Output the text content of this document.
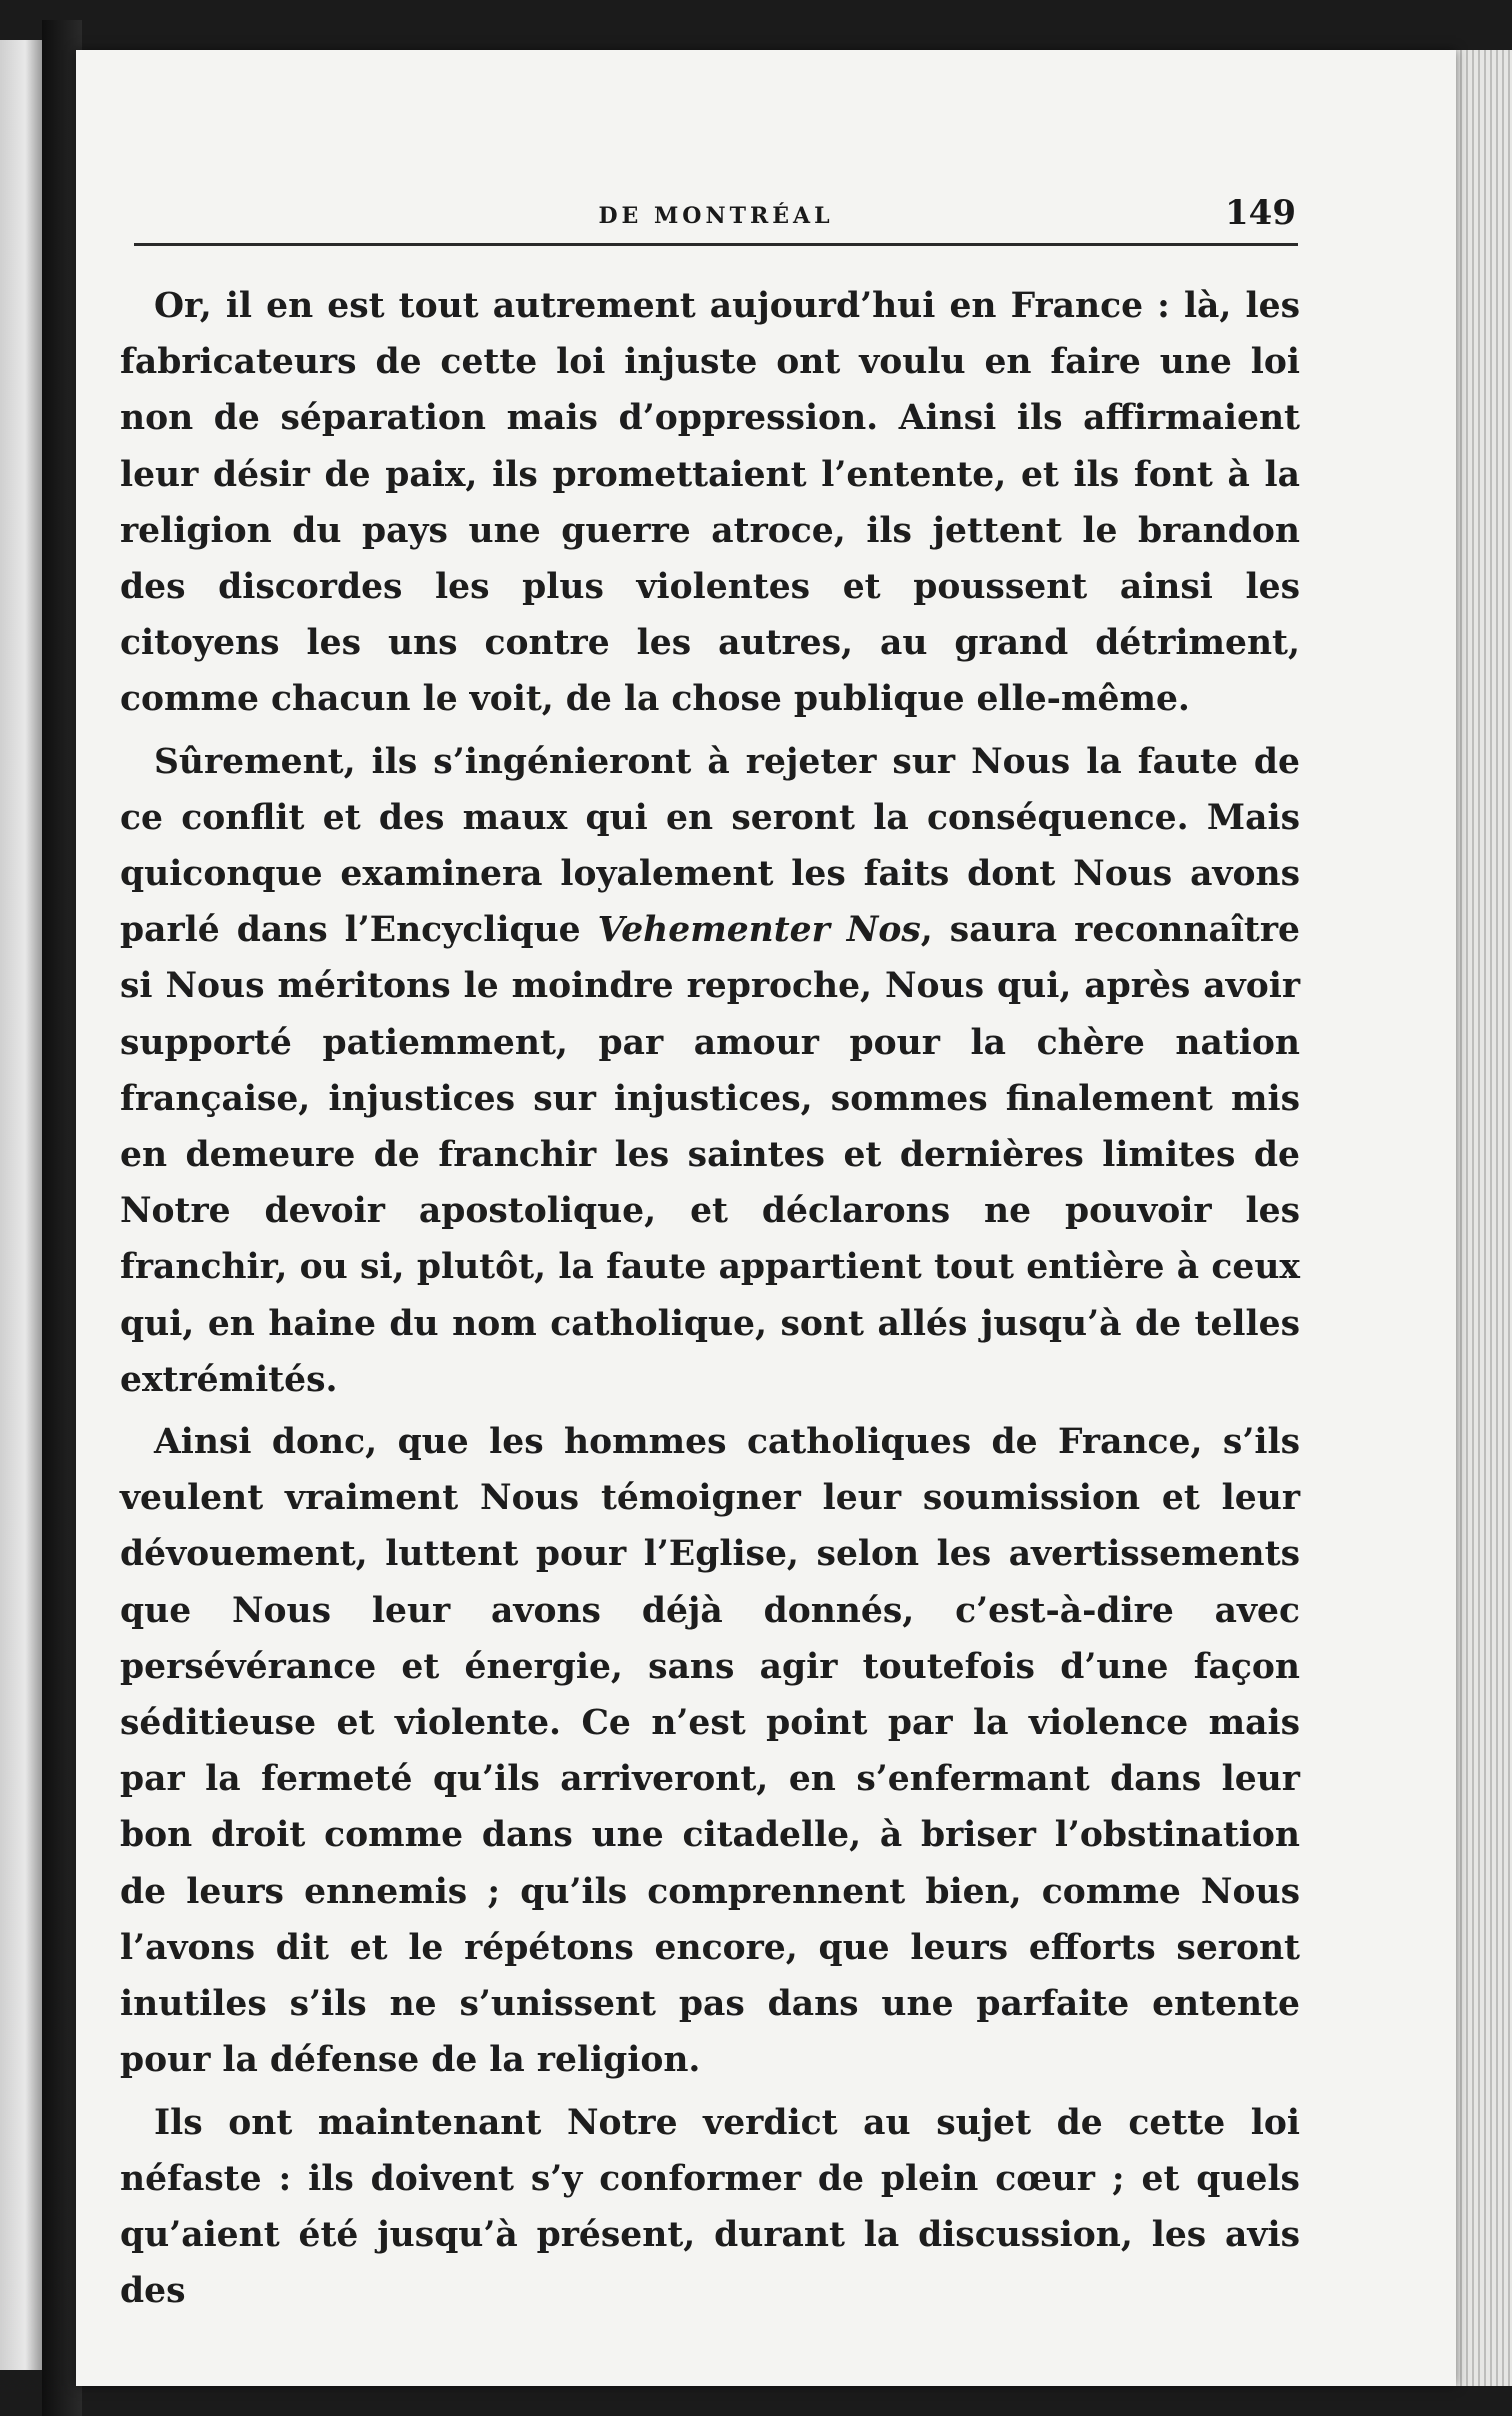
DE MONTRÉAL	149

Or, il en est tout autrement aujourd’hui en France : là, les fabricateurs de cette loi injuste ont voulu en faire une loi non de séparation mais d’oppression. Ainsi ils affirmaient leur désir de paix, ils promettaient l’entente, et ils font à la religion du pays une guerre atroce, ils jettent le brandon des discordes les plus violentes et poussent ainsi les citoyens les uns contre les autres, au grand détriment, comme chacun le voit, de la chose publique elle-même.

Sûrement, ils s’ingénieront à rejeter sur Nous la faute de ce conflit et des maux qui en seront la conséquence. Mais quiconque examinera loyalement les faits dont Nous avons parlé dans l’Encyclique Vehementer Nos, saura reconnaître si Nous méritons le moindre reproche, Nous qui, après avoir supporté patiemment, par amour pour la chère nation française, injustices sur injustices, sommes finalement mis en demeure de franchir les saintes et dernières limites de Notre devoir apostolique, et déclarons ne pouvoir les franchir, ou si, plutôt, la faute appartient tout entière à ceux qui, en haine du nom catholique, sont allés jusqu’à de telles extrémités.

Ainsi donc, que les hommes catholiques de France, s’ils veulent vraiment Nous témoigner leur soumission et leur dévouement, luttent pour l’Eglise, selon les avertissements que Nous leur avons déjà donnés, c’est-à-dire avec persévérance et énergie, sans agir toutefois d’une façon séditieuse et violente. Ce n’est point par la violence mais par la fermeté qu’ils arriveront, en s’enfermant dans leur bon droit comme dans une citadelle, à briser l’obstination de leurs ennemis ; qu’ils comprennent bien, comme Nous l’avons dit et le répétons encore, que leurs efforts seront inutiles s’ils ne s’unissent pas dans une parfaite entente pour la défense de la religion.

Ils ont maintenant Notre verdict au sujet de cette loi néfaste : ils doivent s’y conformer de plein cœur ; et quels qu’aient été jusqu’à présent, durant la discussion, les avis des
